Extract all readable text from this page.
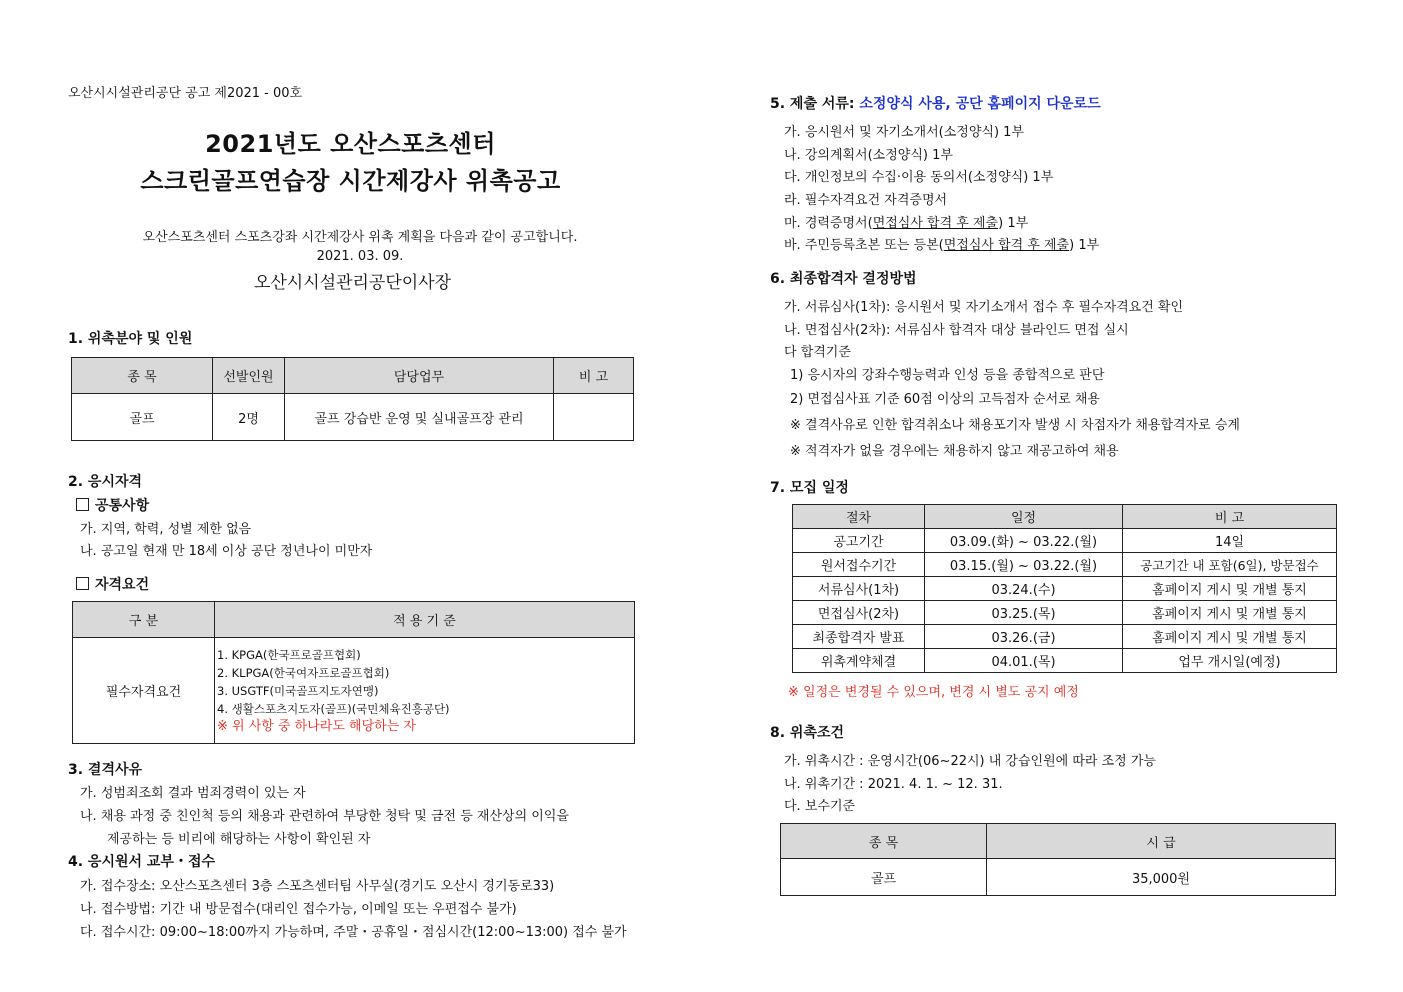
오산시시설관리공단 공고 제2021 - 00호
2021년도 오산스포츠센터
스크린골프연습장 시간제강사 위촉공고
오산스포츠센터 스포츠강좌 시간제강사 위촉 계획을 다음과 같이 공고합니다.
2021. 03. 09.
오산시시설관리공단이사장
1. 위촉분야 및 인원
종 목	선발인원	담당업무	비 고
골프	2명	골프 강습반 운영 및 실내골프장 관리	
2. 응시자격
공통사항
가. 지역, 학력, 성별 제한 없음
나. 공고일 현재 만 18세 이상 공단 정년나이 미만자
자격요건
구 분	적 용 기 준
필수자격요건	1. KPGA(한국프로골프협회)
2. KLPGA(한국여자프로골프협회)
3. USGTF(미국골프지도자연맹)
4. 생활스포츠지도자(골프)(국민체육진흥공단)
※ 위 사항 중 하나라도 해당하는 자
3. 결격사유
가. 성범죄조회 결과 범죄경력이 있는 자
나. 채용 과정 중 친인척 등의 채용과 관련하여 부당한 청탁 및 금전 등 재산상의 이익을
제공하는 등 비리에 해당하는 사항이 확인된 자
4. 응시원서 교부・접수
가. 접수장소: 오산스포츠센터 3층 스포츠센터팀 사무실(경기도 오산시 경기동로33)
나. 접수방법: 기간 내 방문접수(대리인 접수가능, 이메일 또는 우편접수 불가)
다. 접수시간: 09:00~18:00까지 가능하며, 주말・공휴일・점심시간(12:00~13:00) 접수 불가
5. 제출 서류: 소정양식 사용, 공단 홈페이지 다운로드
가. 응시원서 및 자기소개서(소정양식) 1부
나. 강의계획서(소정양식) 1부
다. 개인정보의 수집·이용 동의서(소정양식) 1부
라. 필수자격요건 자격증명서
마. 경력증명서(면접심사 합격 후 제출) 1부
바. 주민등록초본 또는 등본(면접심사 합격 후 제출) 1부
6. 최종합격자 결정방법
가. 서류심사(1차): 응시원서 및 자기소개서 접수 후 필수자격요건 확인
나. 면접심사(2차): 서류심사 합격자 대상 블라인드 면접 실시
다 합격기준
1) 응시자의 강좌수행능력과 인성 등을 종합적으로 판단
2) 면접심사표 기준 60점 이상의 고득점자 순서로 채용
※ 결격사유로 인한 합격취소나 채용포기자 발생 시 차점자가 채용합격자로 승계
※ 적격자가 없을 경우에는 채용하지 않고 재공고하여 채용
7. 모집 일정
절차	일정	비 고
공고기간	03.09.(화) ~ 03.22.(월)	14일
원서접수기간	03.15.(월) ~ 03.22.(월)	공고기간 내 포함(6일), 방문접수
서류심사(1차)	03.24.(수)	홈페이지 게시 및 개별 통지
면접심사(2차)	03.25.(목)	홈페이지 게시 및 개별 통지
최종합격자 발표	03.26.(금)	홈페이지 게시 및 개별 통지
위촉계약체결	04.01.(목)	업무 개시일(예정)
※ 일정은 변경될 수 있으며, 변경 시 별도 공지 예정
8. 위촉조건
가. 위촉시간 : 운영시간(06~22시) 내 강습인원에 따라 조정 가능
나. 위촉기간 : 2021. 4. 1. ~ 12. 31.
다. 보수기준
종 목	시 급
골프	35,000원
